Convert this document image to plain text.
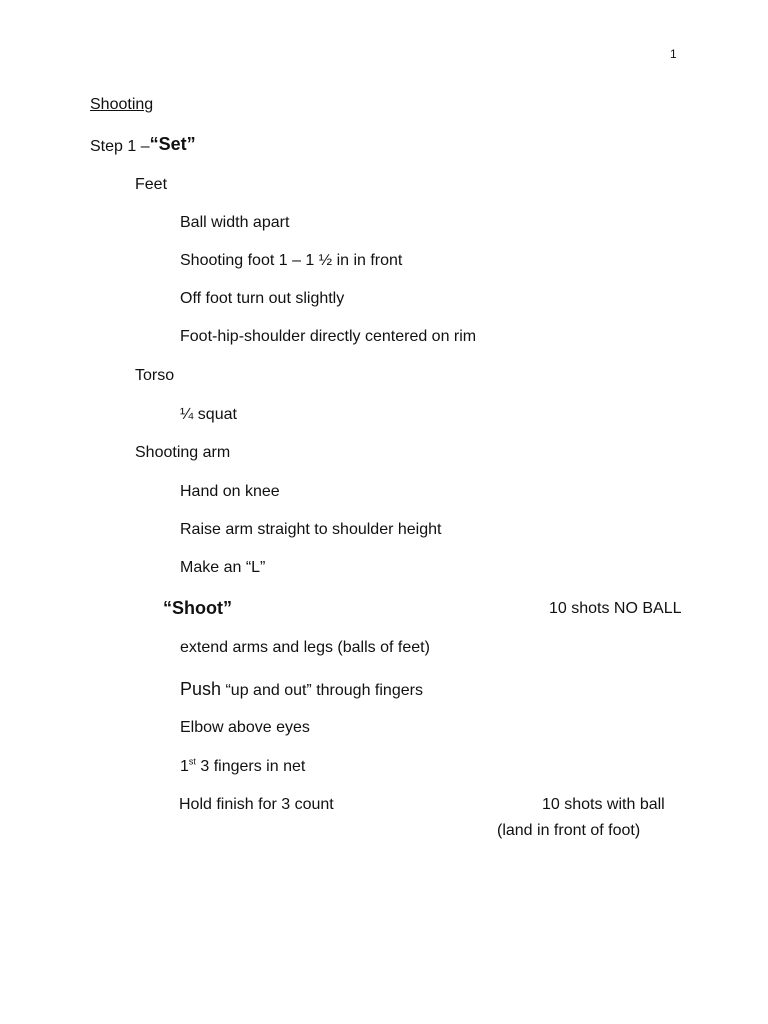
1
Shooting
Step 1 –“Set”
Feet
Ball width apart
Shooting foot 1 – 1 ½ in in front
Off foot turn out slightly
Foot-hip-shoulder directly centered on rim
Torso
¼ squat
Shooting arm
Hand on knee
Raise arm straight to shoulder height
Make an “L”
“Shoot”	10 shots NO BALL
extend arms and legs (balls of feet)
Push “up and out” through fingers
Elbow above eyes
1st 3 fingers in net
Hold finish for 3 count	10 shots with ball
(land in front of foot)
